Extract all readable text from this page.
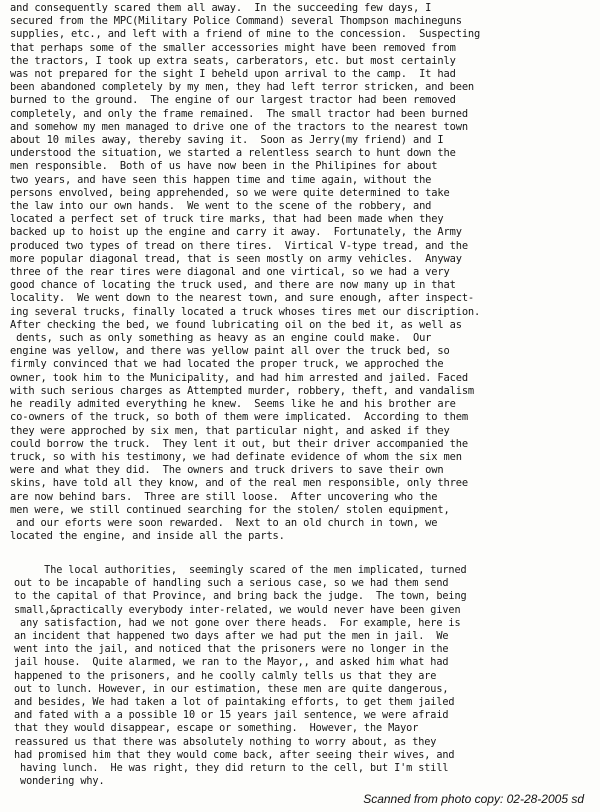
and consequently scared them all away.  In the succeeding few days, I
secured from the MPC(Military Police Command) several Thompson machineguns
supplies, etc., and left with a friend of mine to the concession.  Suspecting
that perhaps some of the smaller accessories might have been removed from
the tractors, I took up extra seats, carberators, etc. but most certainly
was not prepared for the sight I beheld upon arrival to the camp.  It had
been abandoned completely by my men, they had left terror stricken, and been
burned to the ground.  The engine of our largest tractor had been removed
completely, and only the frame remained.  The small tractor had been burned
and somehow my men managed to drive one of the tractors to the nearest town
about 10 miles away, thereby saving it.  Soon as Jerry(my friend) and I
understood the situation, we started a relentless search to hunt down the
men responsible.  Both of us have now been in the Philipines for about
two years, and have seen this happen time and time again, without the
persons envolved, being apprehended, so we were quite determined to take
the law into our own hands.  We went to the scene of the robbery, and
located a perfect set of truck tire marks, that had been made when they
backed up to hoist up the engine and carry it away.  Fortunately, the Army
produced two types of tread on there tires.  Virtical V-type tread, and the
more popular diagonal tread, that is seen mostly on army vehicles.  Anyway
three of the rear tires were diagonal and one virtical, so we had a very
good chance of locating the truck used, and there are now many up in that
locality.  We went down to the nearest town, and sure enough, after inspect-
ing several trucks, finally located a truck whoses tires met our discription.
After checking the bed, we found lubricating oil on the bed it, as well as
dents, such as only something as heavy as an engine could make.  Our
engine was yellow, and there was yellow paint all over the truck bed, so
firmly convinced that we had located the proper truck, we approched the
owner, took him to the Municipality, and had him arrested and jailed. Faced
with such serious charges as Attempted murder, robbery, theft, and vandalism
he readily admited everything he knew.  Seems like he and his brother are
co-owners of the truck, so both of them were implicated.  According to them
they were approched by six men, that particular night, and asked if they
could borrow the truck.  They lent it out, but their driver accompanied the
truck, so with his testimony, we had definate evidence of whom the six men
were and what they did.  The owners and truck drivers to save their own
skins, have told all they know, and of the real men responsible, only three
are now behind bars.  Three are still loose.  After uncovering who the
men were, we still continued searching for the stolen/ stolen equipment,
and our eforts were soon rewarded.  Next to an old church in town, we
located the engine, and inside all the parts.
The local authorities,  seemingly scared of the men implicated, turned
out to be incapable of handling such a serious case, so we had them send
to the capital of that Province, and bring back the judge.  The town, being
small,&practically everybody inter-related, we would never have been given
any satisfaction, had we not gone over there heads.  For example, here is
an incident that happened two days after we had put the men in jail.  We
went into the jail, and noticed that the prisoners were no longer in the
jail house.  Quite alarmed, we ran to the Mayor,, and asked him what had
happened to the prisoners, and he coolly calmly tells us that they are
out to lunch. However, in our estimation, these men are quite dangerous,
and besides, We had taken a lot of paintaking efforts, to get them jailed
and fated with a a possible 10 or 15 years jail sentence, we were afraid
that they would disappear, escape or something.  However, the Mayor
reassured us that there was absolutely nothing to worry about, as they
had promised him that they would come back, after seeing their wives, and
having lunch.  He was right, they did return to the cell, but I'm still
wondering why.
Scanned from photo copy: 02-28-2005 sd
